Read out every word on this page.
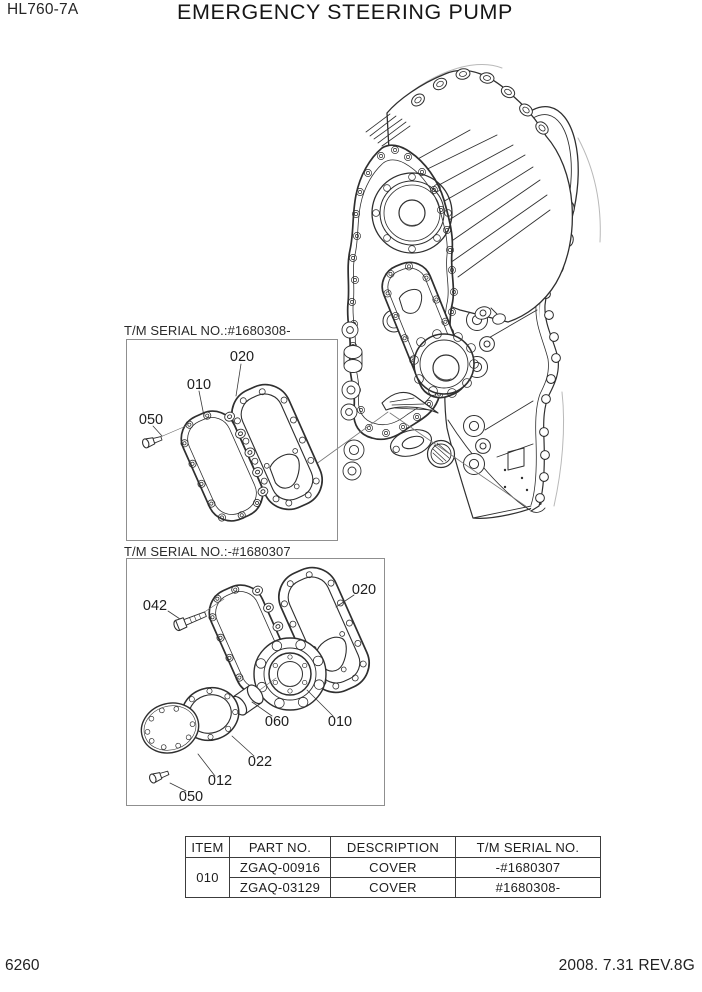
HL760-7A	EMERGENCY STEERING PUMP
T/M SERIAL NO.:#1680308-
020
010
050
T/M SERIAL NO.:-#1680307
042
020
060	010
022
012
050
ITEM	PART NO.	DESCRIPTION	T/M SERIAL NO.
010	ZGAQ-00916	COVER	-#1680307
	ZGAQ-03129	COVER	#1680308-
6260	2008. 7.31 REV.8G
